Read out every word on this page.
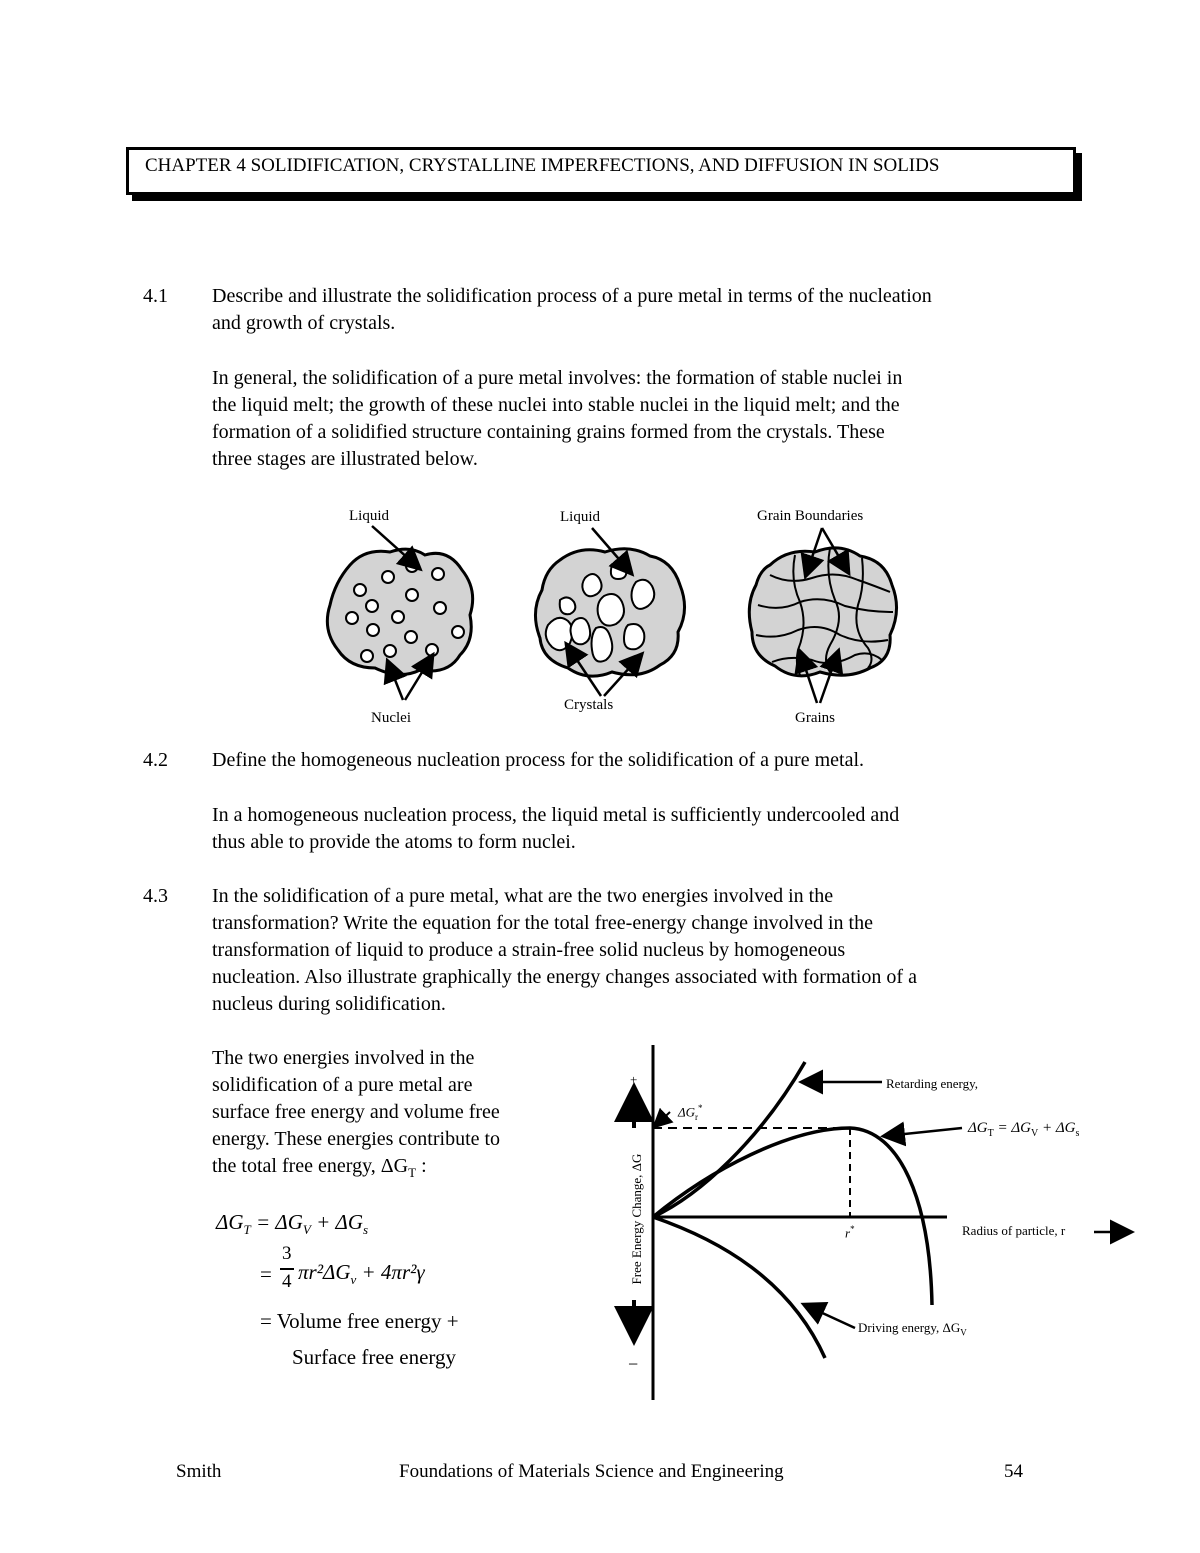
CHAPTER 4 SOLIDIFICATION, CRYSTALLINE IMPERFECTIONS, AND DIFFUSION IN SOLIDS
4.1 Describe and illustrate the solidification process of a pure metal in terms of the nucleation
and growth of crystals.
In general, the solidification of a pure metal involves: the formation of stable nuclei in
the liquid melt; the growth of these nuclei into stable nuclei in the liquid melt; and the
formation of a solidified structure containing grains formed from the crystals. These
three stages are illustrated below.
Liquid
Nuclei
Liquid
Crystals
Grain Boundaries
Grains
4.2 Define the homogeneous nucleation process for the solidification of a pure metal.
In a homogeneous nucleation process, the liquid metal is sufficiently undercooled and
thus able to provide the atoms to form nuclei.
4.3 In the solidification of a pure metal, what are the two energies involved in the
transformation? Write the equation for the total free-energy change involved in the
transformation of liquid to produce a strain-free solid nucleus by homogeneous
nucleation. Also illustrate graphically the energy changes associated with formation of a
nucleus during solidification.
The two energies involved in the
solidification of a pure metal are
surface free energy and volume free
energy. These energies contribute to
the total free energy, $\Delta G_T$ :
$\Delta G_T = \Delta G_V + \Delta G_s$
=
3
4 $\pi r^2\Delta G_v + 4\pi r^2\gamma$
= Volume free energy +
Surface free energy
+
−
Free Energy Change, ΔG
$\Delta G_r^*$
r*	Radius of particle, r
Retarding energy,
$\Delta G_T = \Delta G_V + \Delta G_s$
Driving energy, $\Delta G_V$
Smith	Foundations of Materials Science and Engineering	54
